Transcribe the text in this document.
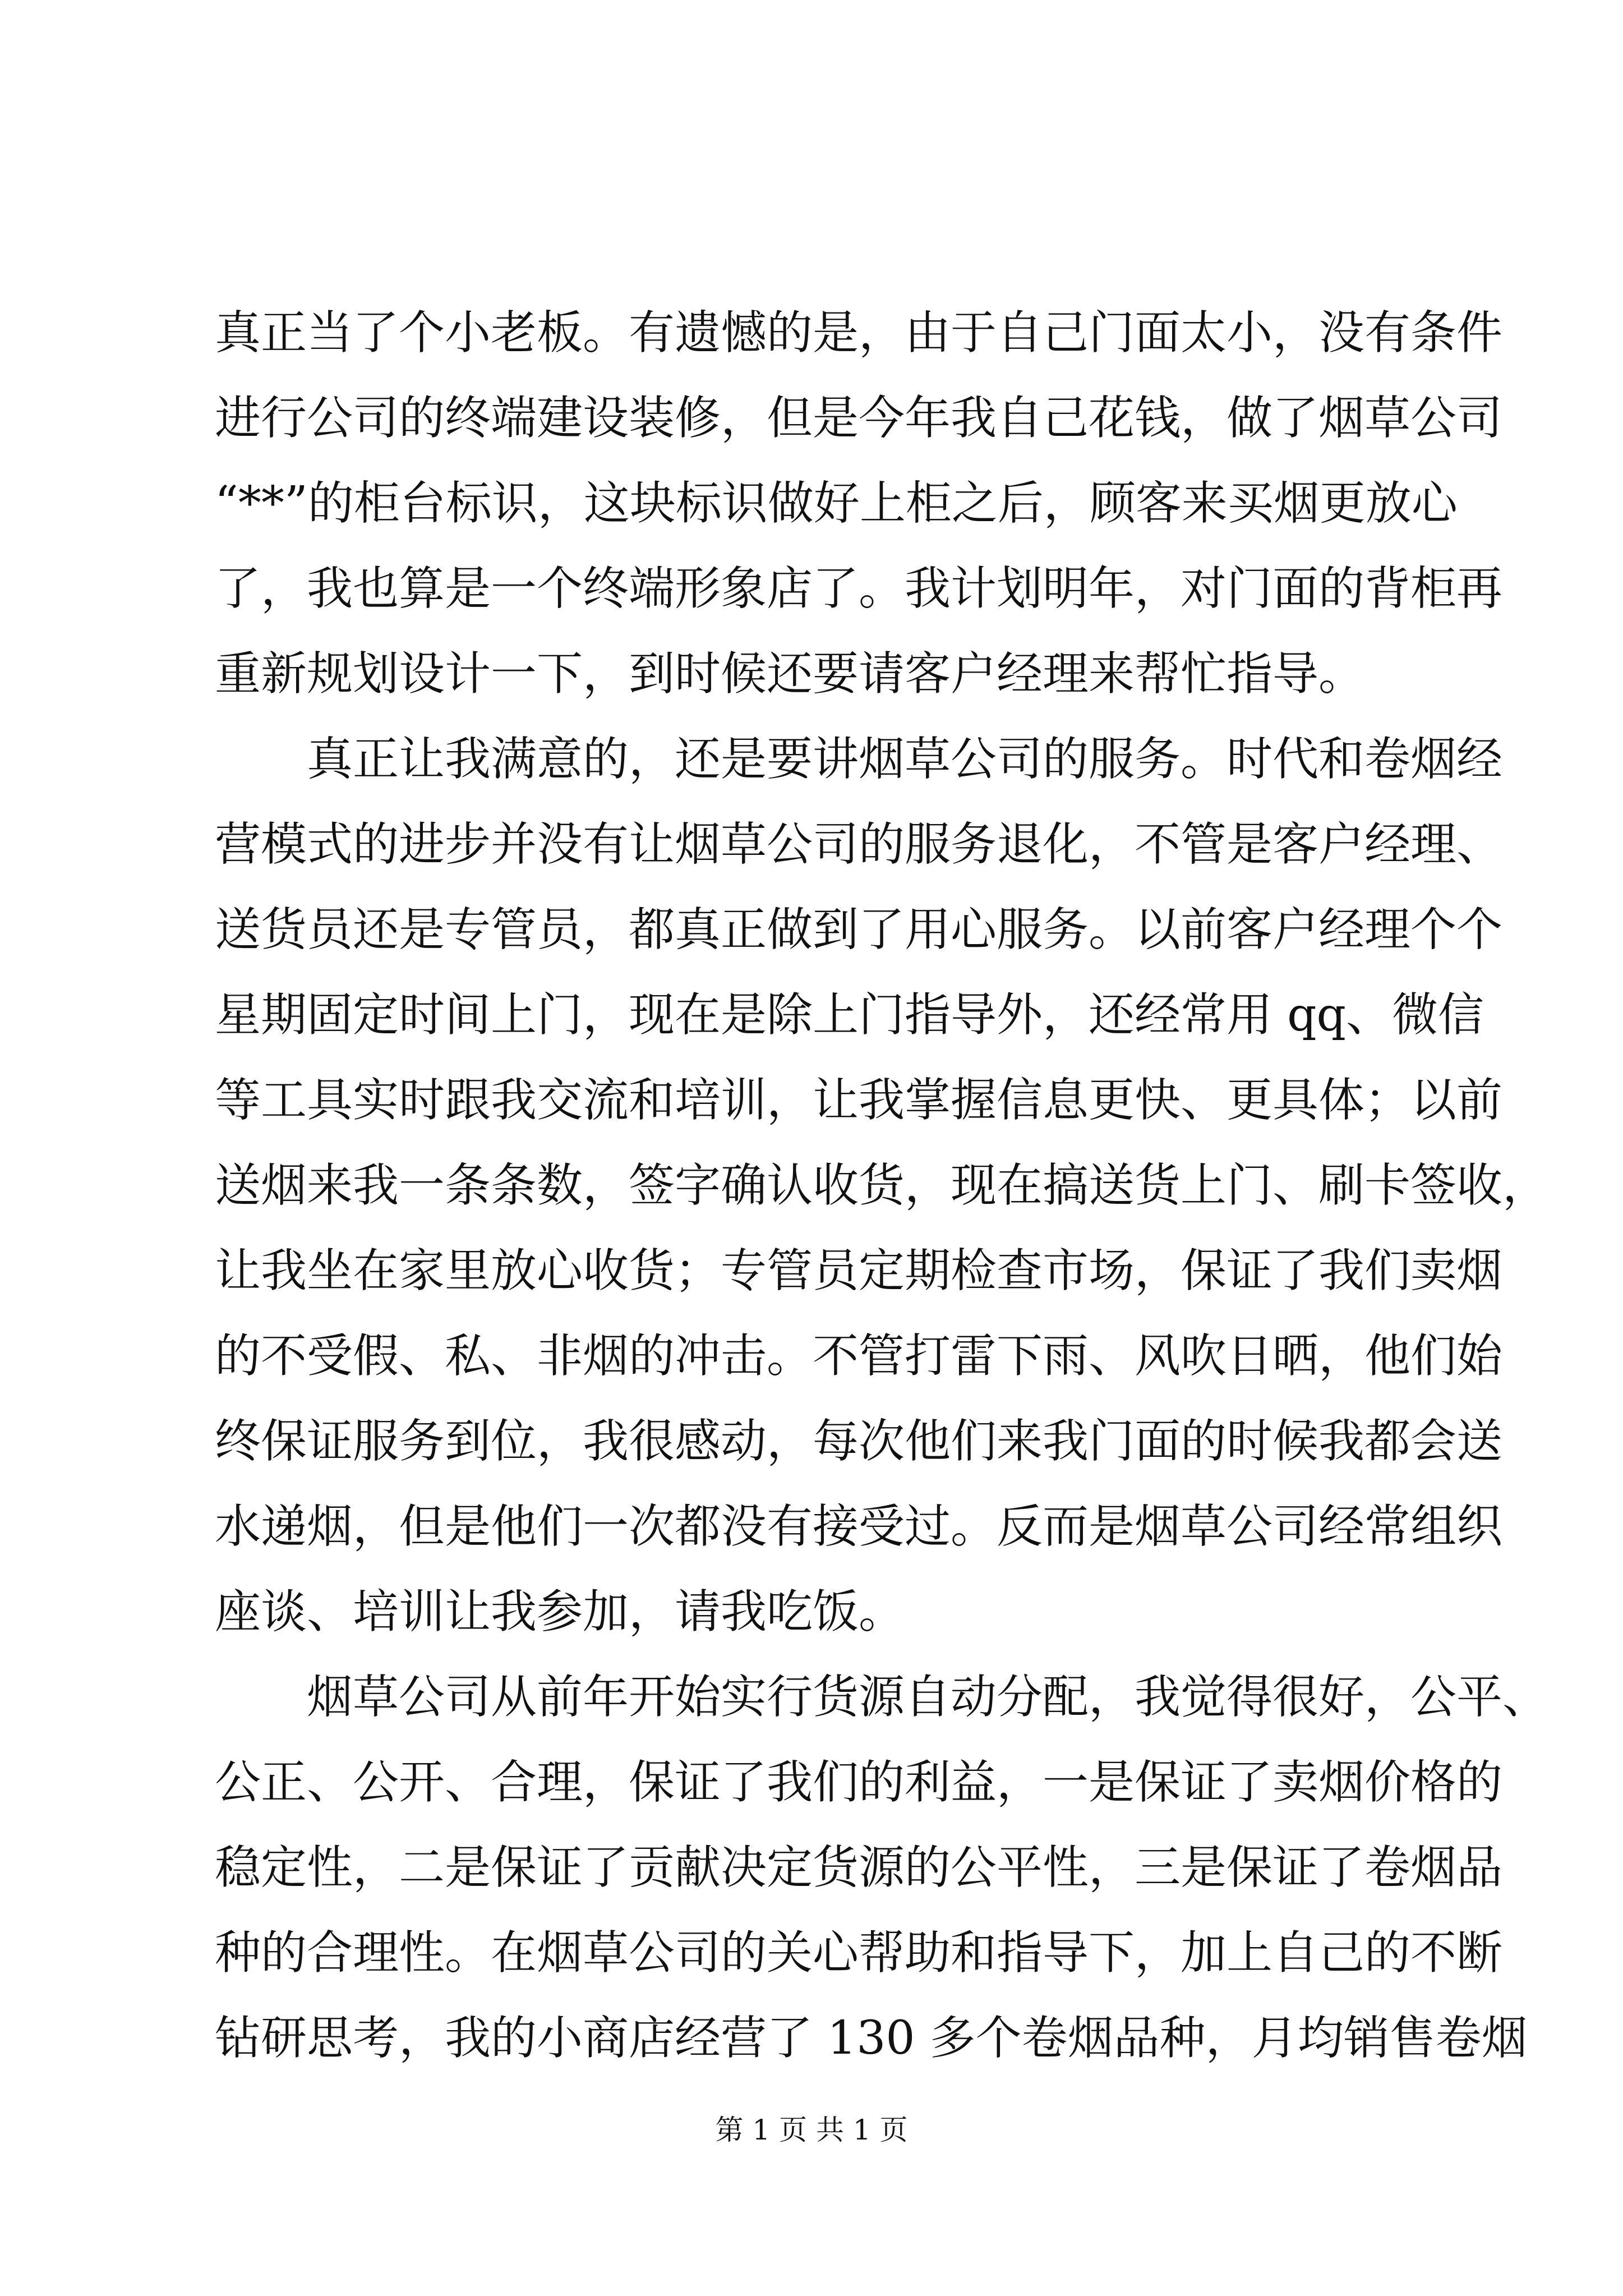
真正当了个小老板。有遗憾的是，由于自己门面太小，没有条件
进行公司的终端建设装修，但是今年我自己花钱，做了烟草公司
“**”的柜台标识，这块标识做好上柜之后，顾客来买烟更放心
了，我也算是一个终端形象店了。我计划明年，对门面的背柜再
重新规划设计一下，到时候还要请客户经理来帮忙指导。
　　真正让我满意的，还是要讲烟草公司的服务。时代和卷烟经
营模式的进步并没有让烟草公司的服务退化，不管是客户经理、
送货员还是专管员，都真正做到了用心服务。以前客户经理个个
星期固定时间上门，现在是除上门指导外，还经常用 qq、微信
等工具实时跟我交流和培训，让我掌握信息更快、更具体；以前
送烟来我一条条数，签字确认收货，现在搞送货上门、刷卡签收，
让我坐在家里放心收货；专管员定期检查市场，保证了我们卖烟
的不受假、私、非烟的冲击。不管打雷下雨、风吹日晒，他们始
终保证服务到位，我很感动，每次他们来我门面的时候我都会送
水递烟，但是他们一次都没有接受过。反而是烟草公司经常组织
座谈、培训让我参加，请我吃饭。
　　烟草公司从前年开始实行货源自动分配，我觉得很好，公平、
公正、公开、合理，保证了我们的利益，一是保证了卖烟价格的
稳定性，二是保证了贡献决定货源的公平性，三是保证了卷烟品
种的合理性。在烟草公司的关心帮助和指导下，加上自己的不断
钻研思考，我的小商店经营了 130 多个卷烟品种，月均销售卷烟
第 1 页 共 1 页
